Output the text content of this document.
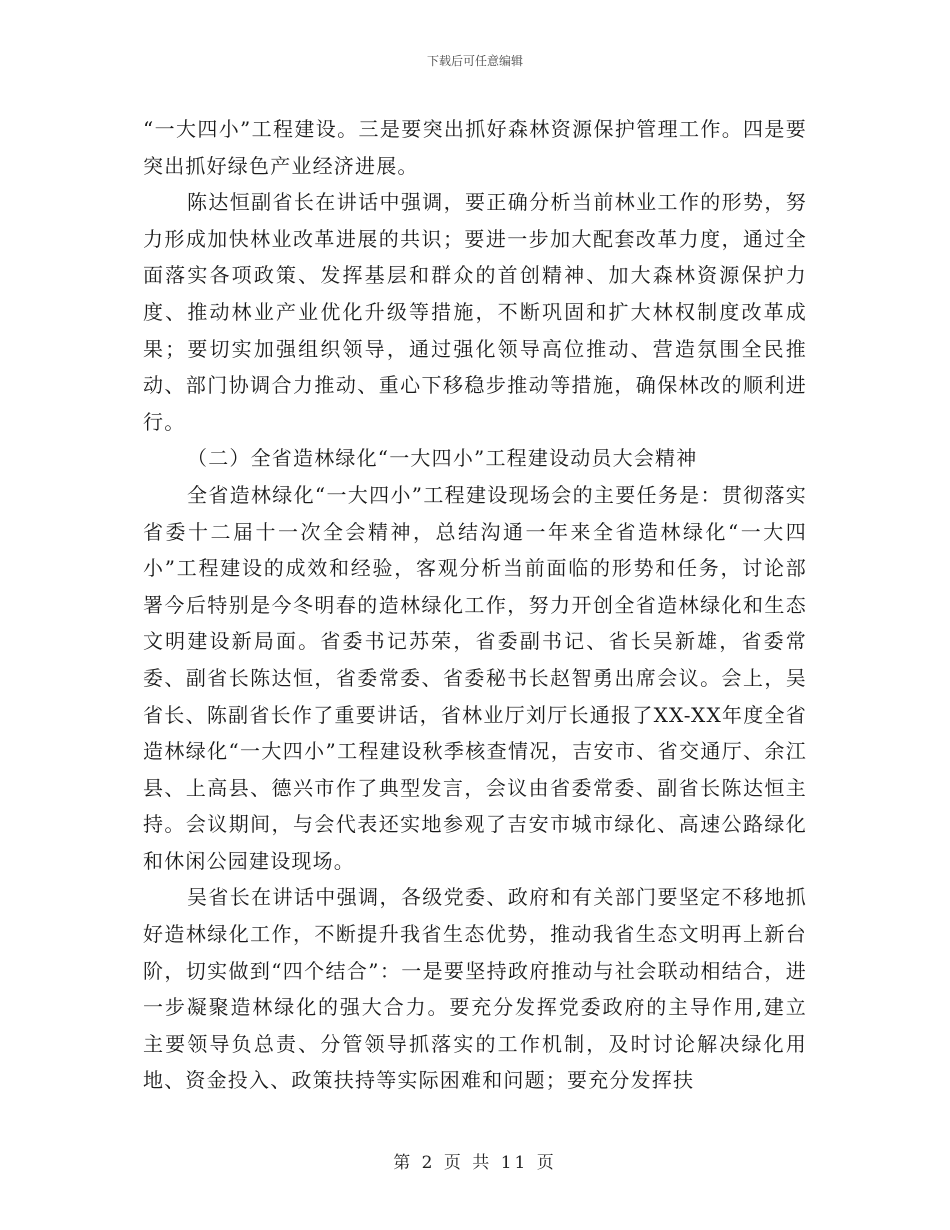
下载后可任意编辑

“一大四小”工程建设。三是要突出抓好森林资源保护管理工作。四是要突出抓好绿色产业经济进展。

陈达恒副省长在讲话中强调，要正确分析当前林业工作的形势，努力形成加快林业改革进展的共识；要进一步加大配套改革力度，通过全面落实各项政策、发挥基层和群众的首创精神、加大森林资源保护力度、推动林业产业优化升级等措施，不断巩固和扩大林权制度改革成果；要切实加强组织领导，通过强化领导高位推动、营造氛围全民推动、部门协调合力推动、重心下移稳步推动等措施，确保林改的顺利进行。

（二）全省造林绿化“一大四小”工程建设动员大会精神

全省造林绿化“一大四小”工程建设现场会的主要任务是：贯彻落实省委十二届十一次全会精神，总结沟通一年来全省造林绿化“一大四小”工程建设的成效和经验，客观分析当前面临的形势和任务，讨论部署今后特别是今冬明春的造林绿化工作，努力开创全省造林绿化和生态文明建设新局面。省委书记苏荣，省委副书记、省长吴新雄，省委常委、副省长陈达恒，省委常委、省委秘书长赵智勇出席会议。会上，吴省长、陈副省长作了重要讲话，省林业厅刘厅长通报了XX-XX年度全省造林绿化“一大四小”工程建设秋季核查情况，吉安市、省交通厅、余江县、上高县、德兴市作了典型发言，会议由省委常委、副省长陈达恒主持。会议期间，与会代表还实地参观了吉安市城市绿化、高速公路绿化和休闲公园建设现场。

吴省长在讲话中强调，各级党委、政府和有关部门要坚定不移地抓好造林绿化工作，不断提升我省生态优势，推动我省生态文明再上新台阶，切实做到“四个结合”：一是要坚持政府推动与社会联动相结合，进一步凝聚造林绿化的强大合力。要充分发挥党委政府的主导作用,建立主要领导负总责、分管领导抓落实的工作机制，及时讨论解决绿化用地、资金投入、政策扶持等实际困难和问题；要充分发挥扶

第 2 页 共 11 页
